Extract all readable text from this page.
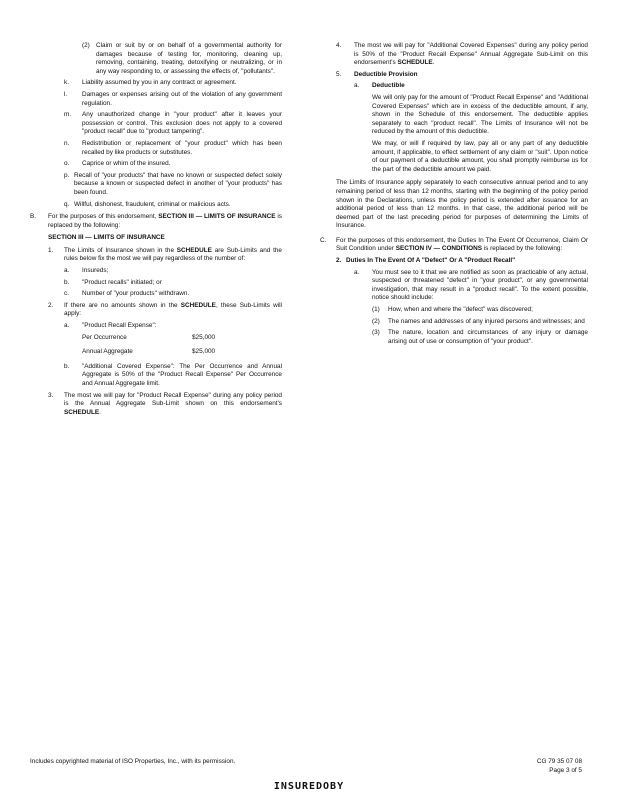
(2) Claim or suit by or on behalf of a governmental authority for damages because of testing for, monitoring, cleaning up, removing, containing, treating, detoxifying or neutralizing, or in any way responding to, or assessing the effects of, "pollutants".
k.	Liability assumed by you in any contract or agreement.
l.	Damages or expenses arising out of the violation of any government regulation.
m.	Any unauthorized change in "your product" after it leaves your possession or control. This exclusion does not apply to a covered "product recall" due to "product tampering".
n.	Redistribution or replacement of "your product" which has been recalled by like products or substitutes.
o.	Caprice or whim of the insured.
p. Recall of "your products" that have no known or suspected defect solely because a known or suspected defect in another of "your products" has been found.
q. Willful, dishonest, fraudulent, criminal or malicious acts.
B.	For the purposes of this endorsement, SECTION III — LIMITS OF INSURANCE is replaced by the following:
SECTION III — LIMITS OF INSURANCE
1.	The Limits of Insurance shown in the SCHEDULE are Sub-Limits and the rules below fix the most we will pay regardless of the number of:
a.	Insureds;
b.	"Product recalls" initiated; or
c.	Number of "your products" withdrawn.
2.	If there are no amounts shown in the SCHEDULE, these Sub-Limits will apply:
a.	"Product Recall Expense":
Per Occurrence	$25,000
Annual Aggregate	$25,000
b.	"Additional Covered Expense": The Per Occurrence and Annual Aggregate is 50% of the "Product Recall Expense" Per Occurrence and Annual Aggregate limit.
3.	The most we will pay for "Product Recall Expense" during any policy period is the Annual Aggregate Sub-Limit shown on this endorsement's SCHEDULE.
4.	The most we will pay for "Additional Covered Expenses" during any policy period is 50% of the "Product Recall Expense" Annual Aggregate Sub-Limit on this endorsement's SCHEDULE.
5.	Deductible Provision
a.	Deductible
We will only pay for the amount of "Product Recall Expense" and "Additional Covered Expenses" which are in excess of the deductible amount, if any, shown in the Schedule of this endorsement. The deductible applies separately to each "product recall". The Limits of Insurance will not be reduced by the amount of this deductible.
We may, or will if required by law, pay all or any part of any deductible amount, if applicable, to effect settlement of any claim or "suit". Upon notice of our payment of a deductible amount, you shall promptly reimburse us for the part of the deductible amount we paid.
The Limits of Insurance apply separately to each consecutive annual period and to any remaining period of less than 12 months, starting with the beginning of the policy period shown in the Declarations, unless the policy period is extended after issuance for an additional period of less than 12 months. In that case, the additional period will be deemed part of the last preceding period for purposes of determining the Limits of Insurance.
C.	For the purposes of this endorsement, the Duties In The Event Of Occurrence, Claim Or Suit Condition under SECTION IV — CONDITIONS is replaced by the following:
2. Duties In The Event Of A "Defect" Or A "Product Recall"
a.	You must see to it that we are notified as soon as practicable of any actual, suspected or threatened "defect" in "your product", or any governmental investigation, that may result in a "product recall". To the extent possible, notice should include:
(1)	How, when and where the "defect" was discovered;
(2)	The names and addresses of any injured persons and witnesses; and
(3)	The nature, location and circumstances of any injury or damage arising out of use or consumption of "your product".
Includes copyrighted material of ISO Properties, Inc., with its permission.	CG 79 35 07 08
Page 3 of 5
INSUREDOBY
